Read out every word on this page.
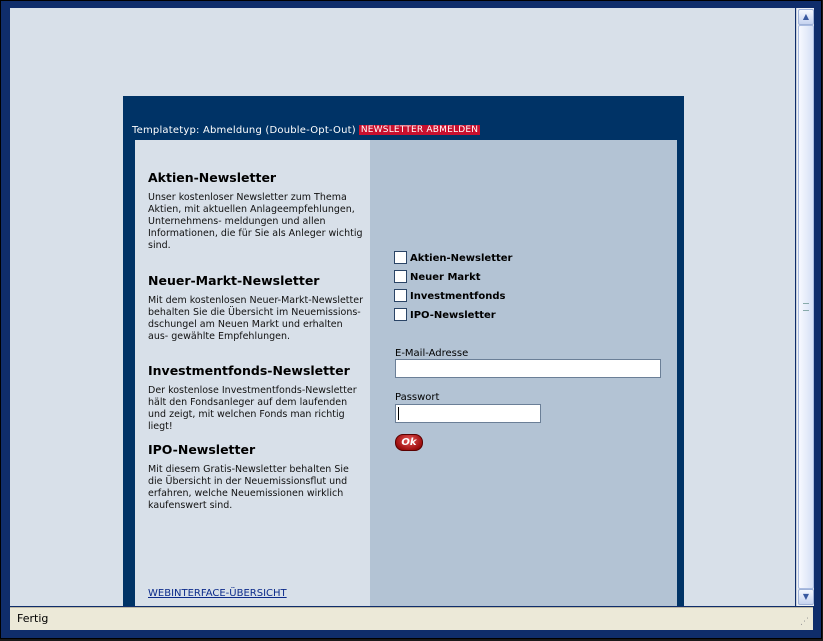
Templatetyp: Abmeldung (Double-Opt-Out) NEWSLETTER ABMELDEN

Aktien-Newsletter

Unser kostenloser Newsletter zum Thema Aktien, mit aktuellen Anlageempfehlungen, Unternehmens- meldungen und allen Informationen, die für Sie als Anleger wichtig sind.

Neuer-Markt-Newsletter

Mit dem kostenlosen Neuer-Markt-Newsletter behalten Sie die Übersicht im Neuemissions- dschungel am Neuen Markt und erhalten aus- gewählte Empfehlungen.

Investmentfonds-Newsletter

Der kostenlose Investmentfonds-Newsletter hält den Fondsanleger auf dem laufenden und zeigt, mit welchen Fonds man richtig liegt!

IPO-Newsletter

Mit diesem Gratis-Newsletter behalten Sie die Übersicht in der Neuemissionsflut und erfahren, welche Neuemissionen wirklich kaufenswert sind.

WEBINTERFACE-ÜBERSICHT
Aktien-Newsletter
Neuer Markt
Investmentfonds
IPO-Newsletter
E-Mail-Adresse
Passwort
Ok
▲
▼
Fertig	⋰
